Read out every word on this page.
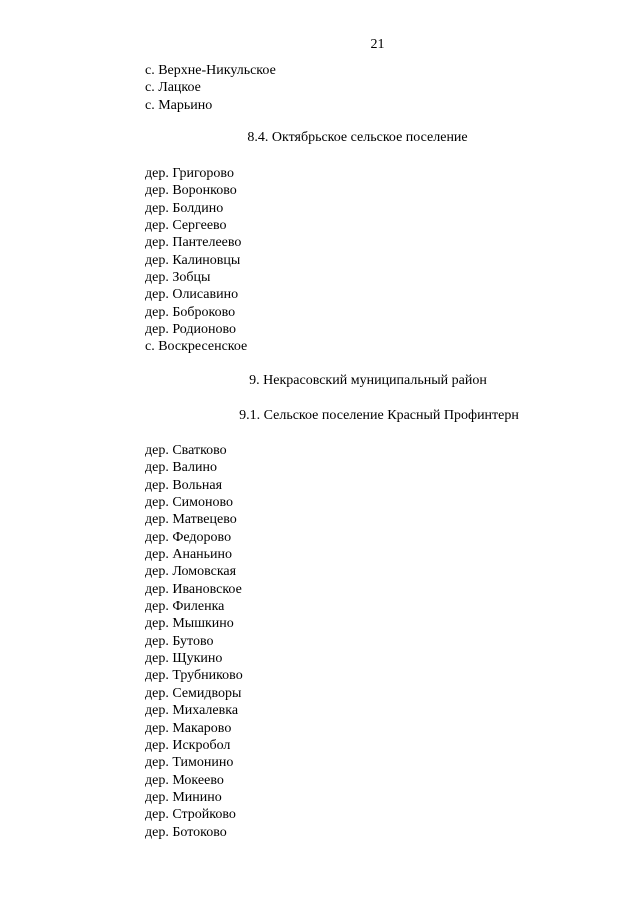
21
с. Верхне-Никульское
с. Лацкое
с. Марьино
8.4. Октябрьское сельское поселение
дер. Григорово
дер. Воронково
дер. Болдино
дер. Сергеево
дер. Пантелеево
дер. Калиновцы
дер. Зобцы
дер. Олисавино
дер. Боброково
дер. Родионово
с. Воскресенское
9. Некрасовский муниципальный район
9.1. Сельское поселение Красный Профинтерн
дер. Сватково
дер. Валино
дер. Вольная
дер. Симоново
дер. Матвецево
дер. Федорово
дер. Ананьино
дер. Ломовская
дер. Ивановское
дер. Филенка
дер. Мышкино
дер. Бутово
дер. Щукино
дер. Трубниково
дер. Семидворы
дер. Михалевка
дер. Макарово
дер. Искробол
дер. Тимонино
дер. Мокеево
дер. Минино
дер. Стройково
дер. Ботоково
